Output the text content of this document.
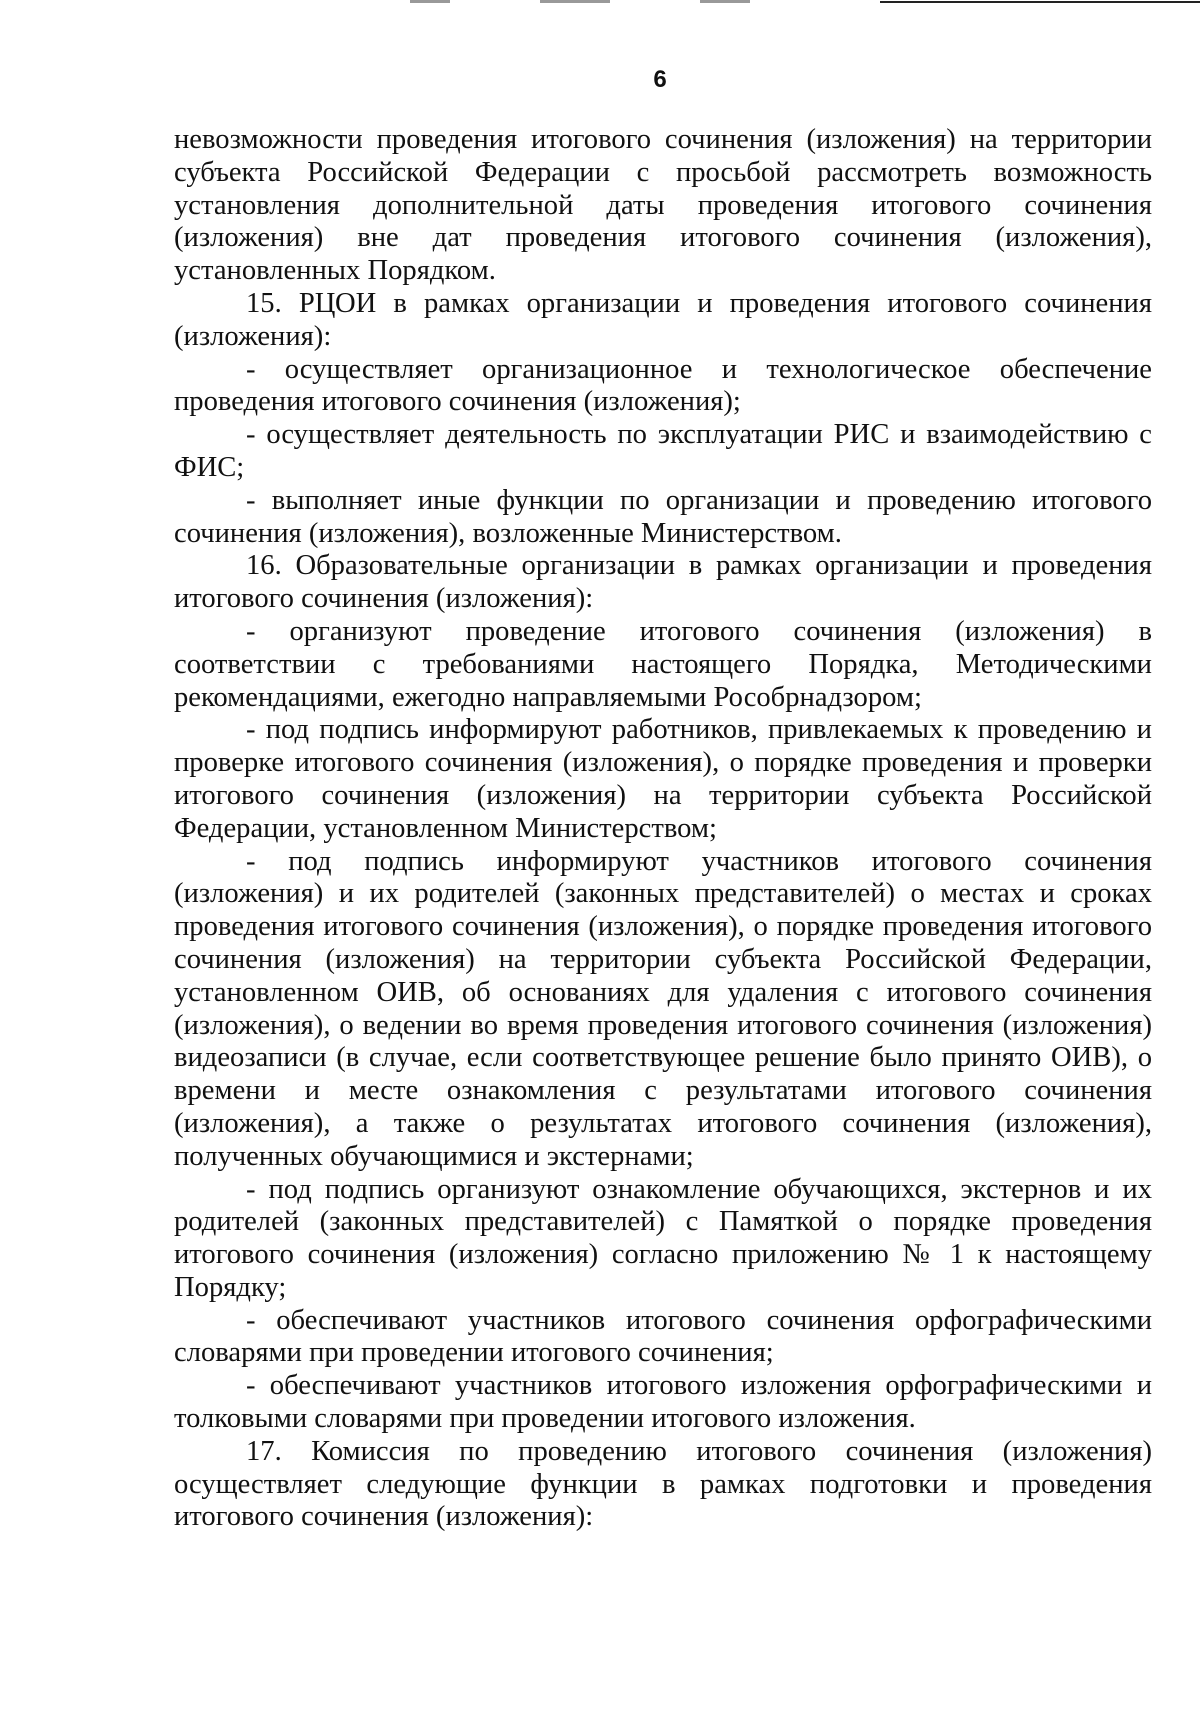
6

невозможности проведения итогового сочинения (изложения) на территории субъекта Российской Федерации с просьбой рассмотреть возможность установления дополнительной даты проведения итогового сочинения (изложения) вне дат проведения итогового сочинения (изложения), установленных Порядком.

15. РЦОИ в рамках организации и проведения итогового сочинения (изложения):

- осуществляет организационное и технологическое обеспечение проведения итогового сочинения (изложения);

- осуществляет деятельность по эксплуатации РИС и взаимодействию с ФИС;

- выполняет иные функции по организации и проведению итогового сочинения (изложения), возложенные Министерством.

16. Образовательные организации в рамках организации и проведения итогового сочинения (изложения):

- организуют проведение итогового сочинения (изложения) в соответствии с требованиями настоящего Порядка, Методическими рекомендациями, ежегодно направляемыми Рособрнадзором;

- под подпись информируют работников, привлекаемых к проведению и проверке итогового сочинения (изложения), о порядке проведения и проверки итогового сочинения (изложения) на территории субъекта Российской Федерации, установленном Министерством;

- под подпись информируют участников итогового сочинения (изложения) и их родителей (законных представителей) о местах и сроках проведения итогового сочинения (изложения), о порядке проведения итогового сочинения (изложения) на территории субъекта Российской Федерации, установленном ОИВ, об основаниях для удаления с итогового сочинения (изложения), о ведении во время проведения итогового сочинения (изложения) видеозаписи (в случае, если соответствующее решение было принято ОИВ), о времени и месте ознакомления с результатами итогового сочинения (изложения), а также о результатах итогового сочинения (изложения), полученных обучающимися и экстернами;

- под подпись организуют ознакомление обучающихся, экстернов и их родителей (законных представителей) с Памяткой о порядке проведения итогового сочинения (изложения) согласно приложению № 1 к настоящему Порядку;

- обеспечивают участников итогового сочинения орфографическими словарями при проведении итогового сочинения;

- обеспечивают участников итогового изложения орфографическими и толковыми словарями при проведении итогового изложения.

17. Комиссия по проведению итогового сочинения (изложения) осуществляет следующие функции в рамках подготовки и проведения итогового сочинения (изложения):
